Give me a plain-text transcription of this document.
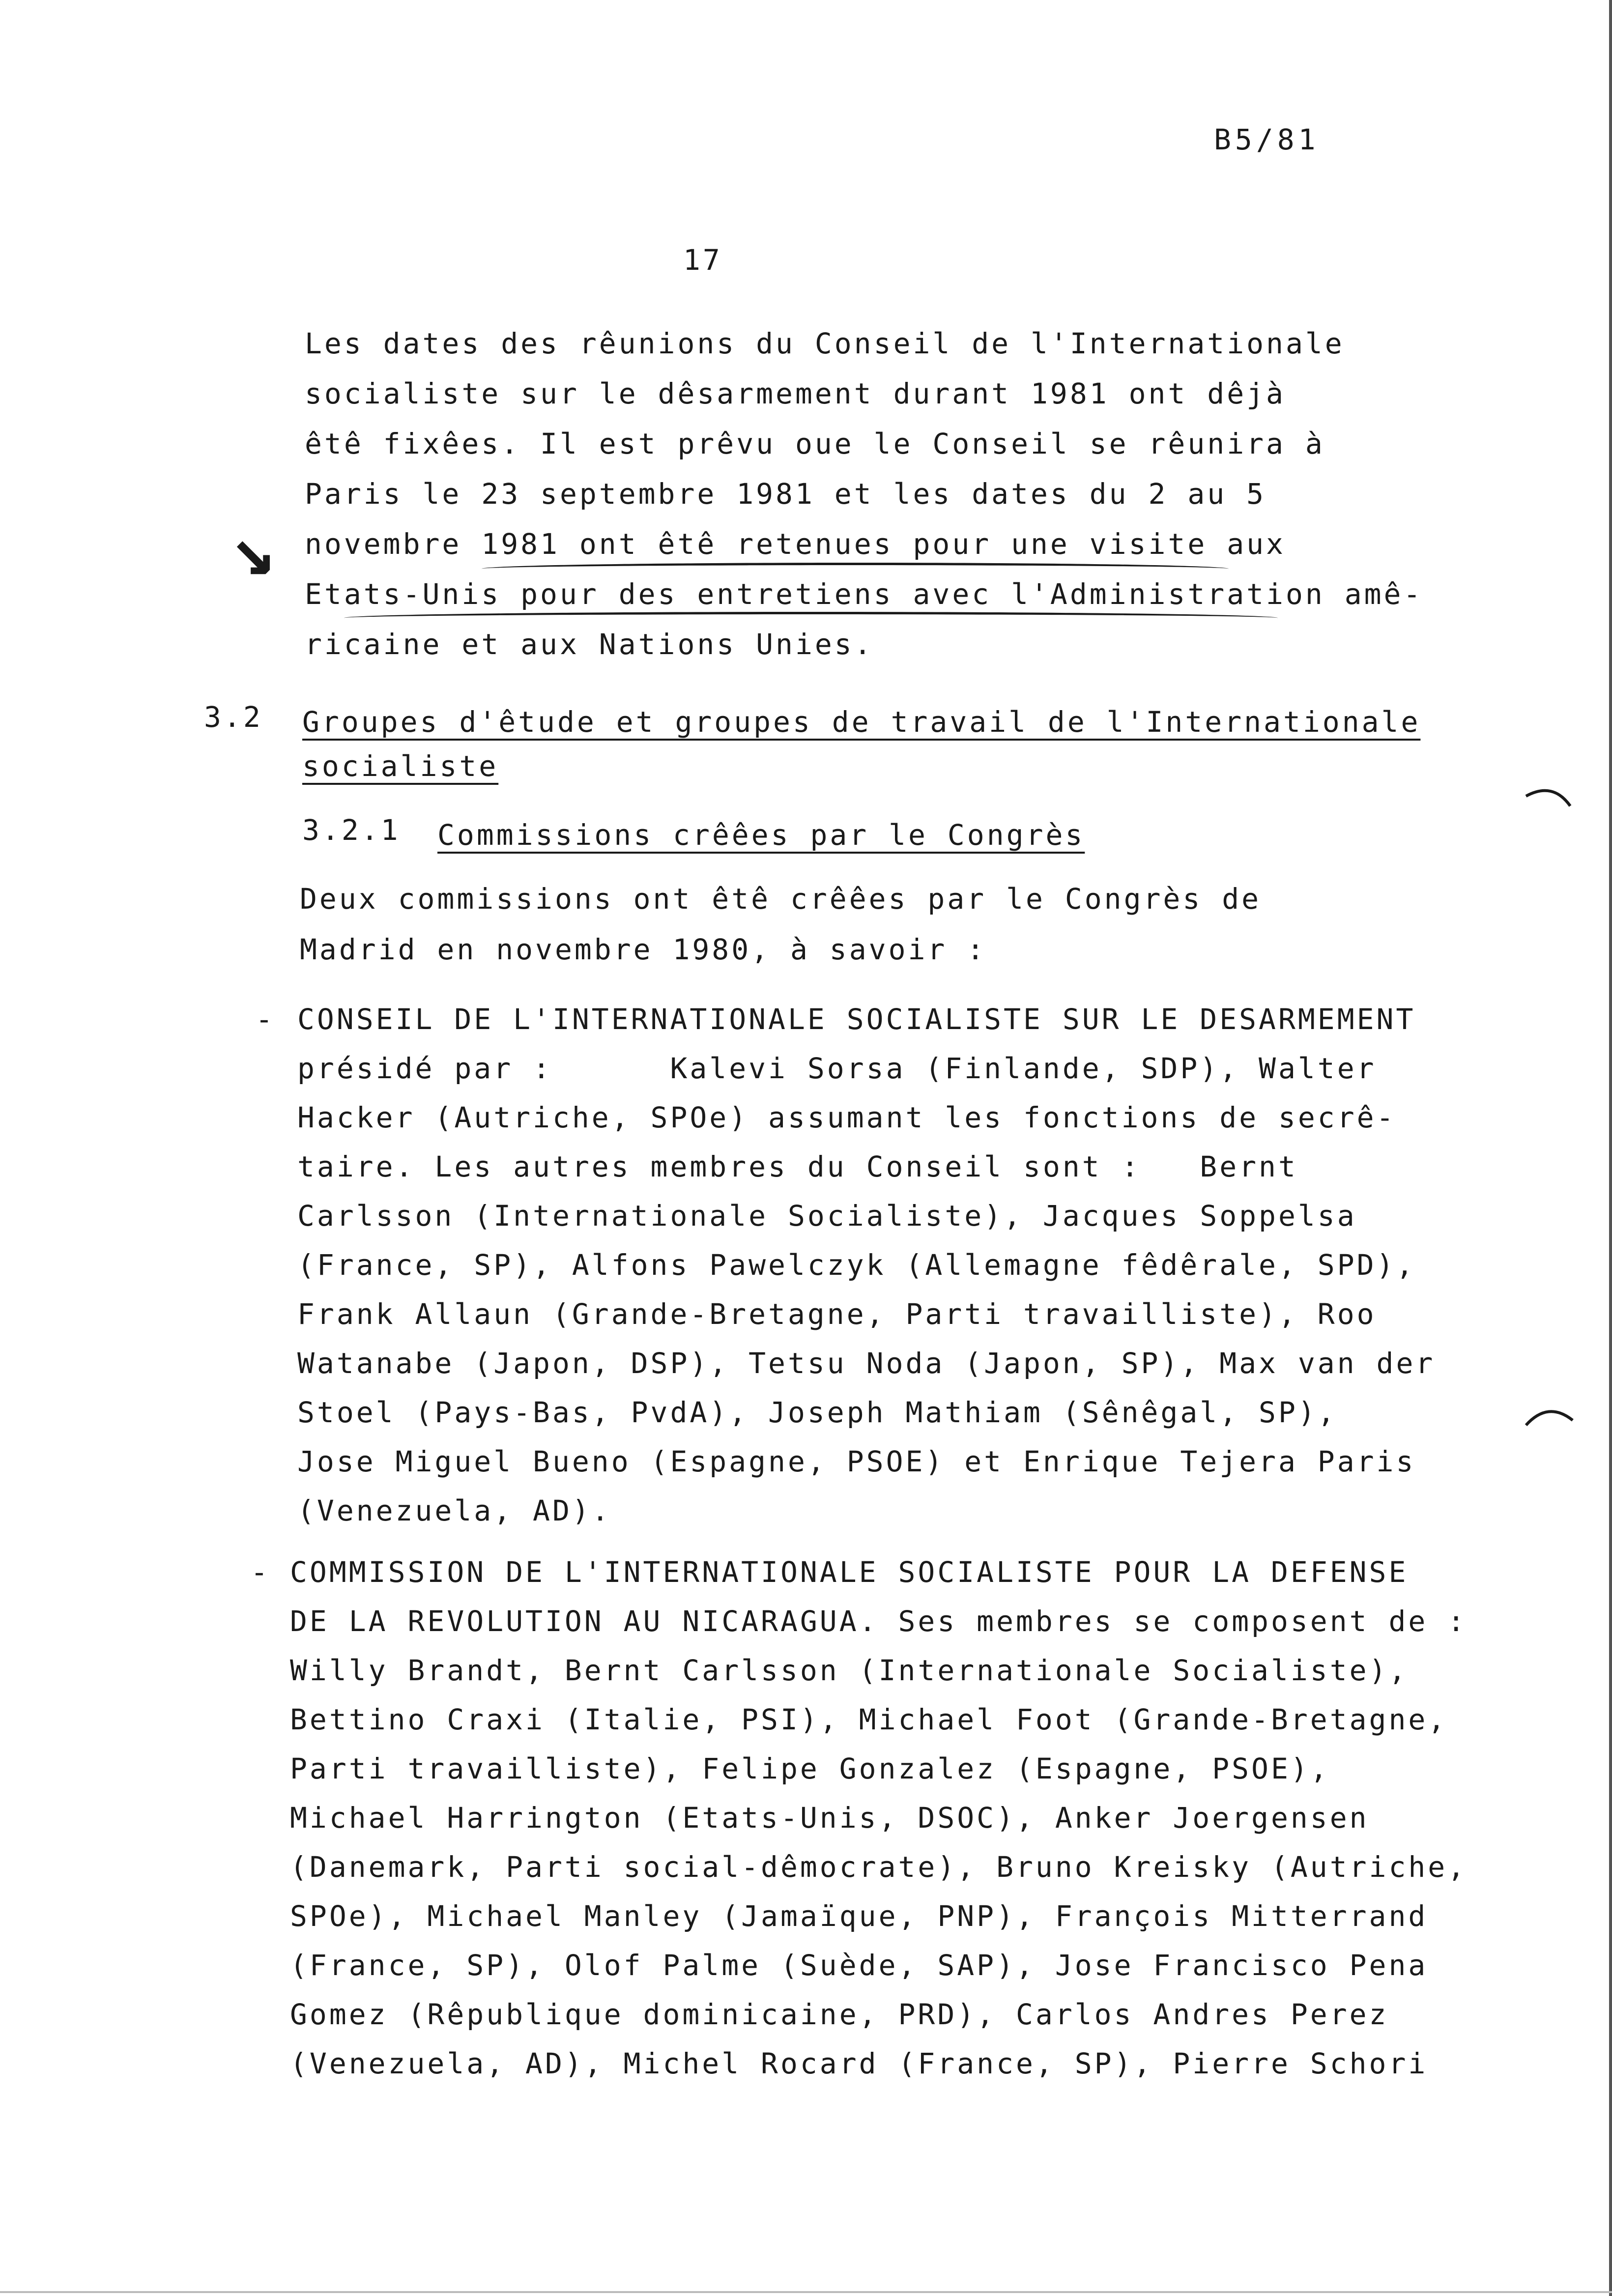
B5/81
17
Les dates des rêunions du Conseil de l'Internationale
socialiste sur le dêsarmement durant 1981 ont dêjà
êtê fixêes. Il est prêvu oue le Conseil se rêunira à
Paris le 23 septembre 1981 et les dates du 2 au 5
novembre 1981 ont êtê retenues pour une visite aux
Etats-Unis pour des entretiens avec l'Administration amê-
ricaine et aux Nations Unies.
↘
3.2 Groupes d'êtude et groupes de travail de l'Internationale
socialiste
3.2.1 Commissions crêêes par le Congrès
Deux commissions ont êtê crêêes par le Congrès de
Madrid en novembre 1980, à savoir :
- CONSEIL DE L'INTERNATIONALE SOCIALISTE SUR LE DESARMEMENT
présidé par :      Kalevi Sorsa (Finlande, SDP), Walter
Hacker (Autriche, SPOe) assumant les fonctions de secrê-
taire. Les autres membres du Conseil sont :   Bernt
Carlsson (Internationale Socialiste), Jacques Soppelsa
(France, SP), Alfons Pawelczyk (Allemagne fêdêrale, SPD),
Frank Allaun (Grande-Bretagne, Parti travailliste), Roo
Watanabe (Japon, DSP), Tetsu Noda (Japon, SP), Max van der
Stoel (Pays-Bas, PvdA), Joseph Mathiam (Sênêgal, SP),
Jose Miguel Bueno (Espagne, PSOE) et Enrique Tejera Paris
(Venezuela, AD).
- COMMISSION DE L'INTERNATIONALE SOCIALISTE POUR LA DEFENSE
DE LA REVOLUTION AU NICARAGUA. Ses membres se composent de :
Willy Brandt, Bernt Carlsson (Internationale Socialiste),
Bettino Craxi (Italie, PSI), Michael Foot (Grande-Bretagne,
Parti travailliste), Felipe Gonzalez (Espagne, PSOE),
Michael Harrington (Etats-Unis, DSOC), Anker Joergensen
(Danemark, Parti social-dêmocrate), Bruno Kreisky (Autriche,
SPOe), Michael Manley (Jamaïque, PNP), François Mitterrand
(France, SP), Olof Palme (Suède, SAP), Jose Francisco Pena
Gomez (Rêpublique dominicaine, PRD), Carlos Andres Perez
(Venezuela, AD), Michel Rocard (France, SP), Pierre Schori
